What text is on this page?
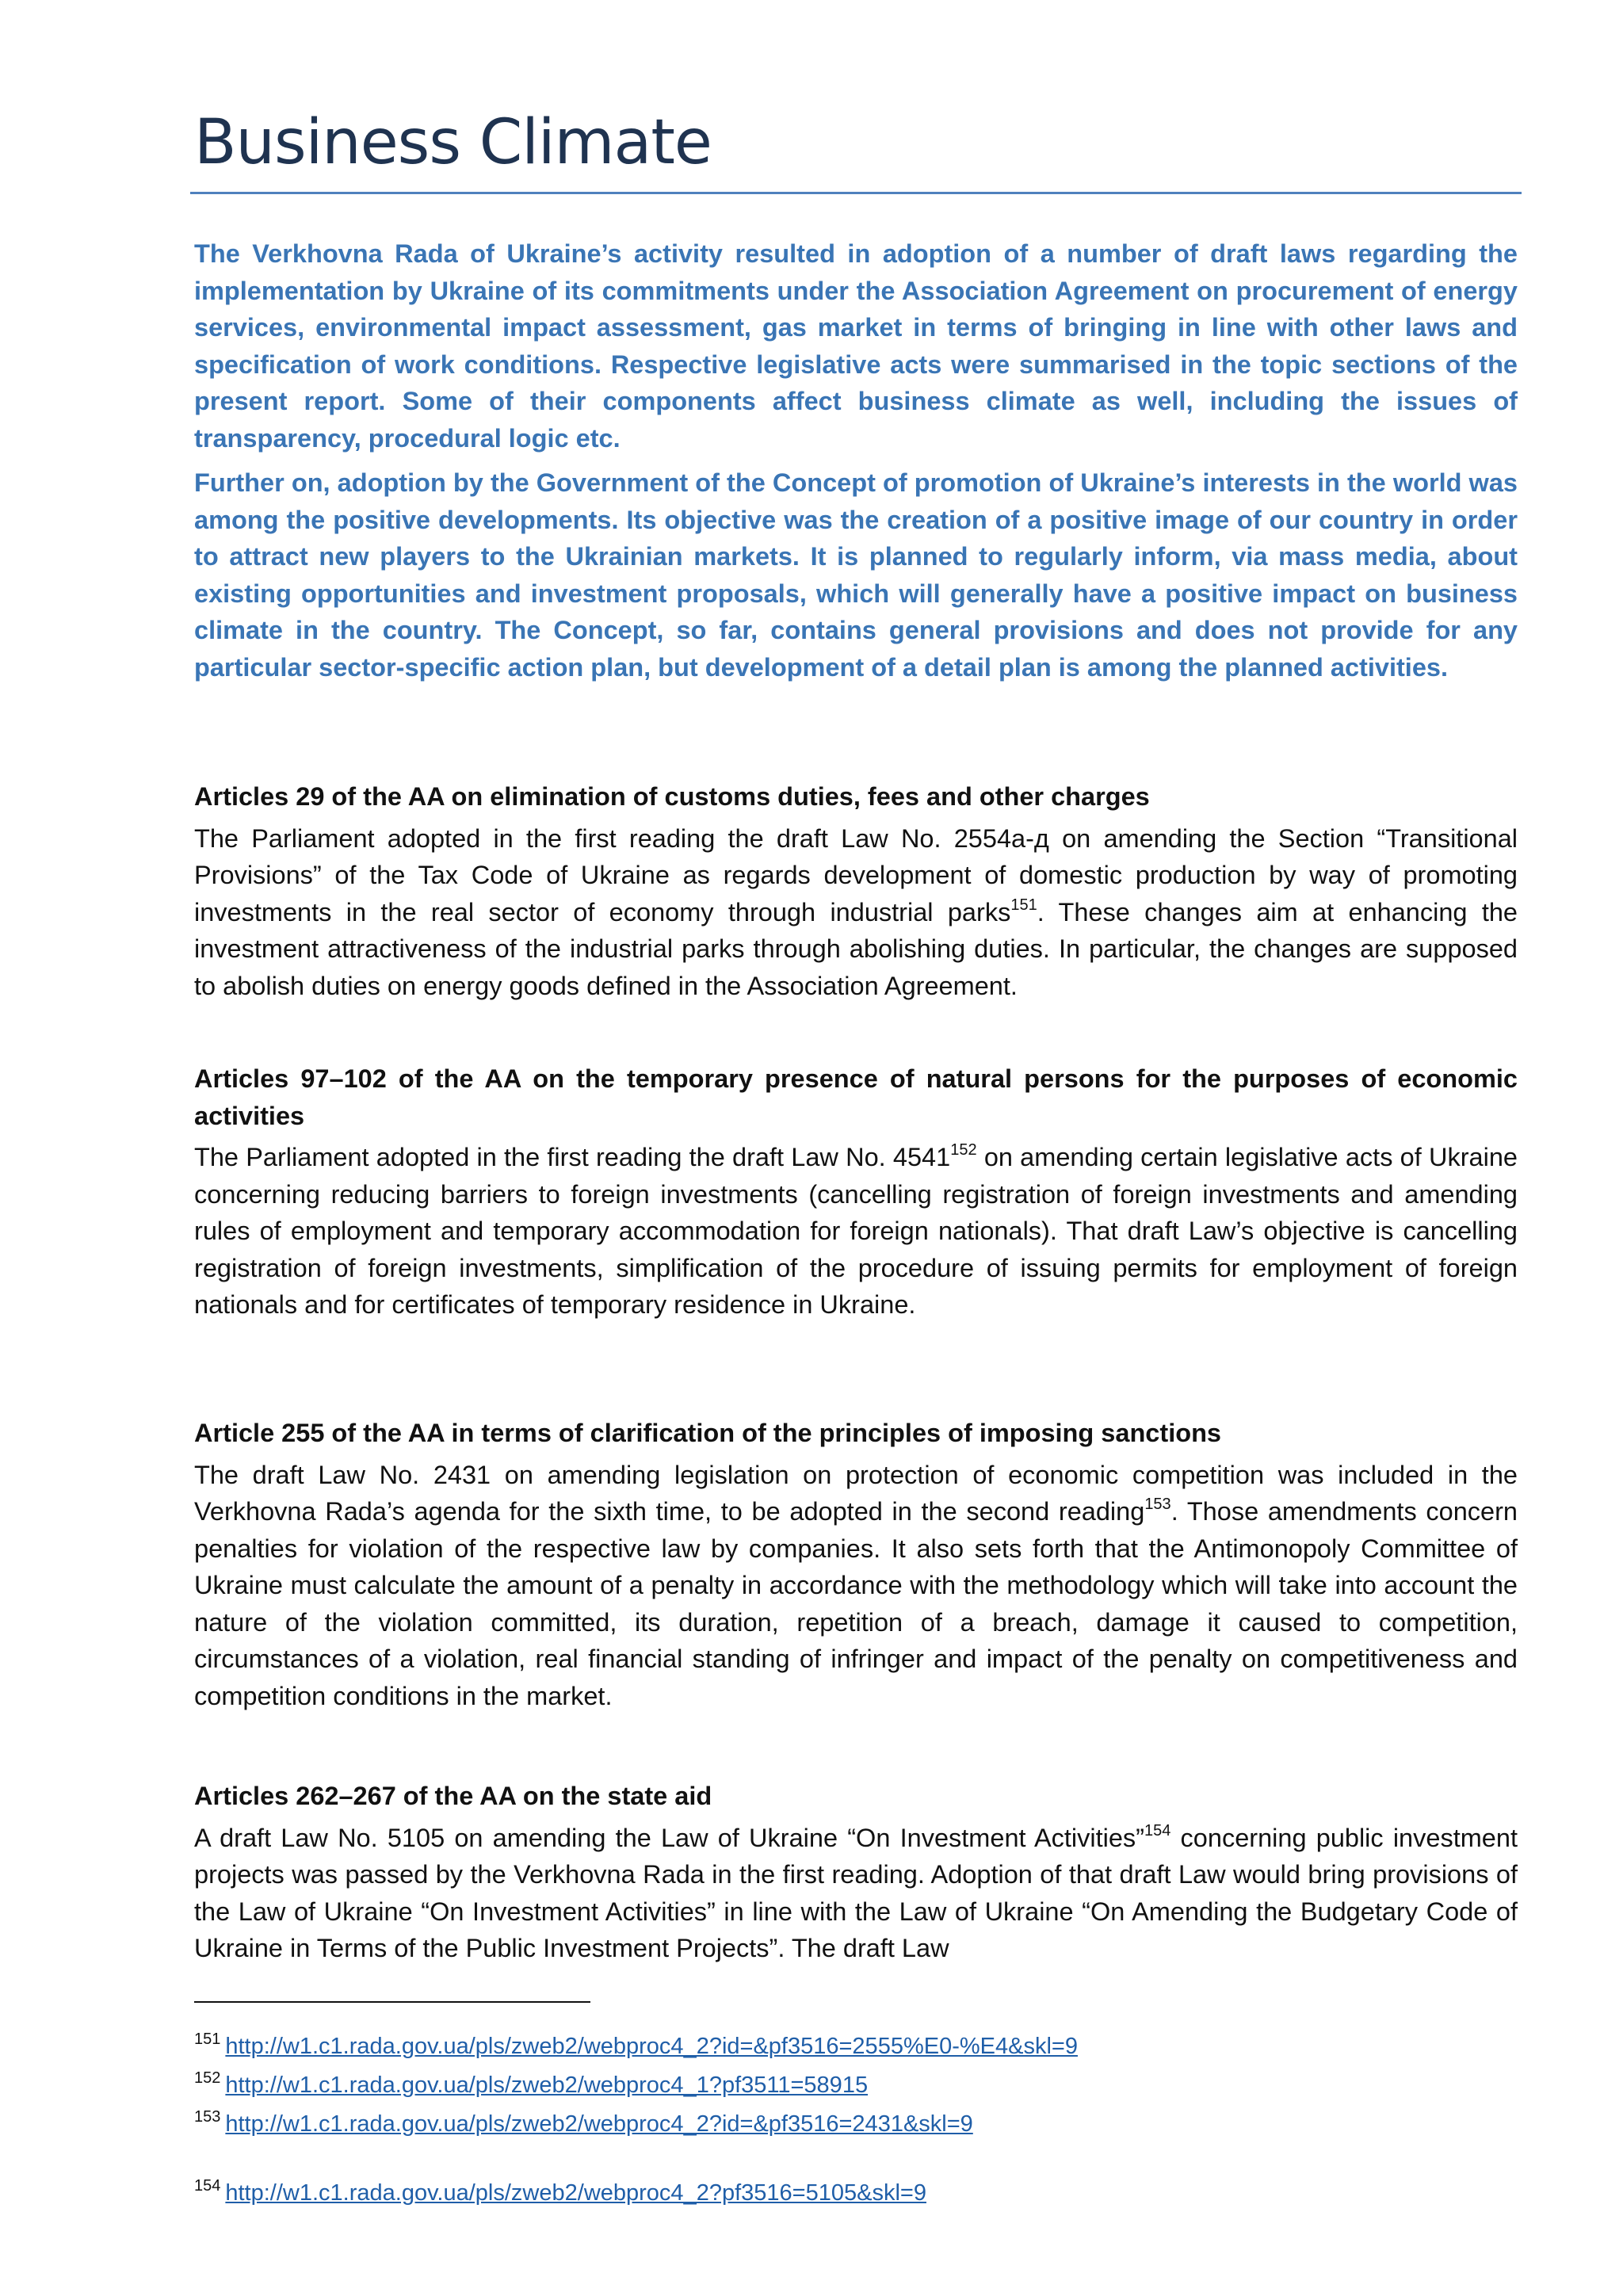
Business Climate

The Verkhovna Rada of Ukraine’s activity resulted in adoption of a number of draft laws regarding the implementation by Ukraine of its commitments under the Association Agreement on procurement of energy services, environmental impact assessment, gas market in terms of bringing in line with other laws and specification of work conditions. Respective legislative acts were summarised in the topic sections of the present report. Some of their components affect business climate as well, including the issues of transparency, procedural logic etc.

Further on, adoption by the Government of the Concept of promotion of Ukraine’s interests in the world was among the positive developments. Its objective was the creation of a positive image of our country in order to attract new players to the Ukrainian markets. It is planned to regularly inform, via mass media, about existing opportunities and investment proposals, which will generally have a positive impact on business climate in the country. The Concept, so far, contains general provisions and does not provide for any particular sector-specific action plan, but development of a detail plan is among the planned activities.

Articles 29 of the AA on elimination of customs duties, fees and other charges

The Parliament adopted in the first reading the draft Law No. 2554а-д on amending the Section “Transitional Provisions” of the Tax Code of Ukraine as regards development of domestic production by way of promoting investments in the real sector of economy through industrial parks$^{151}$. These changes aim at enhancing the investment attractiveness of the industrial parks through abolishing duties. In particular, the changes are supposed to abolish duties on energy goods defined in the Association Agreement.

Articles 97–102 of the AA on the temporary presence of natural persons for the purposes of economic activities

The Parliament adopted in the first reading the draft Law No. 4541$^{152}$ on amending certain legislative acts of Ukraine concerning reducing barriers to foreign investments (cancelling registration of foreign investments and amending rules of employment and temporary accommodation for foreign nationals). That draft Law’s objective is cancelling registration of foreign investments, simplification of the procedure of issuing permits for employment of foreign nationals and for certificates of temporary residence in Ukraine.

Article 255 of the AA in terms of clarification of the principles of imposing sanctions

The draft Law No. 2431 on amending legislation on protection of economic competition was included in the Verkhovna Rada’s agenda for the sixth time, to be adopted in the second reading$^{153}$. Those amendments concern penalties for violation of the respective law by companies. It also sets forth that the Antimonopoly Committee of Ukraine must calculate the amount of a penalty in accordance with the methodology which will take into account the nature of the violation committed, its duration, repetition of a breach, damage it caused to competition, circumstances of a violation, real financial standing of infringer and impact of the penalty on competitiveness and competition conditions in the market.

Articles 262–267 of the AA on the state aid

A draft Law No. 5105 on amending the Law of Ukraine “On Investment Activities”$^{154}$ concerning public investment projects was passed by the Verkhovna Rada in the first reading. Adoption of that draft Law would bring provisions of the Law of Ukraine “On Investment Activities” in line with the Law of Ukraine “On Amending the Budgetary Code of Ukraine in Terms of the Public Investment Projects”. The draft Law

$^{151}$ http://w1.c1.rada.gov.ua/pls/zweb2/webproc4_2?id=&pf3516=2555%E0-%E4&skl=9
$^{152}$ http://w1.c1.rada.gov.ua/pls/zweb2/webproc4_1?pf3511=58915
$^{153}$ http://w1.c1.rada.gov.ua/pls/zweb2/webproc4_2?id=&pf3516=2431&skl=9
$^{154}$ http://w1.c1.rada.gov.ua/pls/zweb2/webproc4_2?pf3516=5105&skl=9
